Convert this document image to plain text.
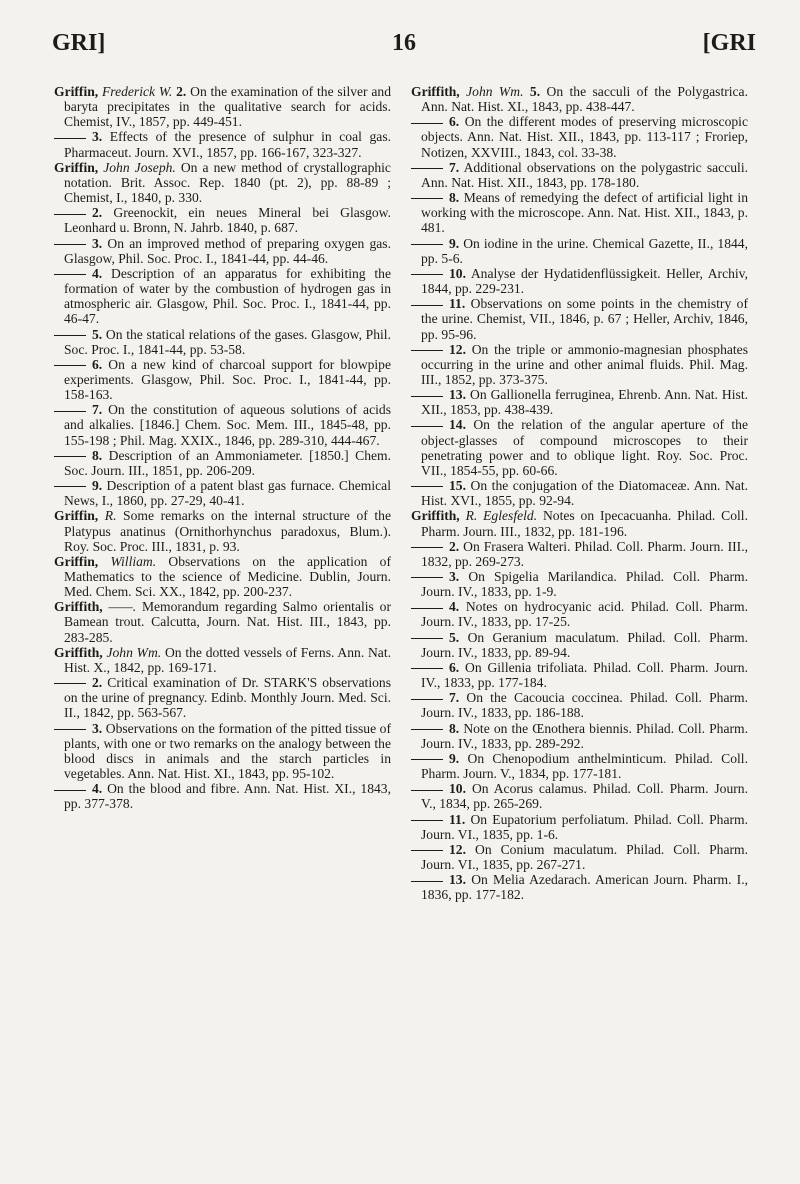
GRI]	16	[GRI

Griffin, Frederick W. 2. On the examination of the silver and baryta precipitates in the qualitative search for acids. Chemist, IV., 1857, pp. 449-451.

3. Effects of the presence of sulphur in coal gas. Pharmaceut. Journ. XVI., 1857, pp. 166-167, 323-327.

Griffin, John Joseph. On a new method of crystallographic notation. Brit. Assoc. Rep. 1840 (pt. 2), pp. 88-89 ; Chemist, I., 1840, p. 330.

2. Greenockit, ein neues Mineral bei Glasgow. Leonhard u. Bronn, N. Jahrb. 1840, p. 687.

3. On an improved method of preparing oxygen gas. Glasgow, Phil. Soc. Proc. I., 1841-44, pp. 44-46.

4. Description of an apparatus for exhibiting the formation of water by the combustion of hydrogen gas in atmospheric air. Glasgow, Phil. Soc. Proc. I., 1841-44, pp. 46-47.

5. On the statical relations of the gases. Glasgow, Phil. Soc. Proc. I., 1841-44, pp. 53-58.

6. On a new kind of charcoal support for blowpipe experiments. Glasgow, Phil. Soc. Proc. I., 1841-44, pp. 158-163.

7. On the constitution of aqueous solutions of acids and alkalies. [1846.] Chem. Soc. Mem. III., 1845-48, pp. 155-198 ; Phil. Mag. XXIX., 1846, pp. 289-310, 444-467.

8. Description of an Ammoniameter. [1850.] Chem. Soc. Journ. III., 1851, pp. 206-209.

9. Description of a patent blast gas furnace. Chemical News, I., 1860, pp. 27-29, 40-41.

Griffin, R. Some remarks on the internal structure of the Platypus anatinus (Ornithorhynchus paradoxus, Blum.). Roy. Soc. Proc. III., 1831, p. 93.

Griffin, William. Observations on the application of Mathematics to the science of Medicine. Dublin, Journ. Med. Chem. Sci. XX., 1842, pp. 200-237.

Griffith, ——. Memorandum regarding Salmo orientalis or Bamean trout. Calcutta, Journ. Nat. Hist. III., 1843, pp. 283-285.

Griffith, John Wm. On the dotted vessels of Ferns. Ann. Nat. Hist. X., 1842, pp. 169-171.

2. Critical examination of Dr. STARK'S observations on the urine of pregnancy. Edinb. Monthly Journ. Med. Sci. II., 1842, pp. 563-567.

3. Observations on the formation of the pitted tissue of plants, with one or two remarks on the analogy between the blood discs in animals and the starch particles in vegetables. Ann. Nat. Hist. XI., 1843, pp. 95-102.

4. On the blood and fibre. Ann. Nat. Hist. XI., 1843, pp. 377-378.

Griffith, John Wm. 5. On the sacculi of the Polygastrica. Ann. Nat. Hist. XI., 1843, pp. 438-447.

6. On the different modes of preserving microscopic objects. Ann. Nat. Hist. XII., 1843, pp. 113-117 ; Froriep, Notizen, XXVIII., 1843, col. 33-38.

7. Additional observations on the polygastric sacculi. Ann. Nat. Hist. XII., 1843, pp. 178-180.

8. Means of remedying the defect of artificial light in working with the microscope. Ann. Nat. Hist. XII., 1843, p. 481.

9. On iodine in the urine. Chemical Gazette, II., 1844, pp. 5-6.

10. Analyse der Hydatidenflüssigkeit. Heller, Archiv, 1844, pp. 229-231.

11. Observations on some points in the chemistry of the urine. Chemist, VII., 1846, p. 67 ; Heller, Archiv, 1846, pp. 95-96.

12. On the triple or ammonio-magnesian phosphates occurring in the urine and other animal fluids. Phil. Mag. III., 1852, pp. 373-375.

13. On Gallionella ferruginea, Ehrenb. Ann. Nat. Hist. XII., 1853, pp. 438-439.

14. On the relation of the angular aperture of the object-glasses of compound microscopes to their penetrating power and to oblique light. Roy. Soc. Proc. VII., 1854-55, pp. 60-66.

15. On the conjugation of the Diatomaceæ. Ann. Nat. Hist. XVI., 1855, pp. 92-94.

Griffith, R. Eglesfeld. Notes on Ipecacuanha. Philad. Coll. Pharm. Journ. III., 1832, pp. 181-196.

2. On Frasera Walteri. Philad. Coll. Pharm. Journ. III., 1832, pp. 269-273.

3. On Spigelia Marilandica. Philad. Coll. Pharm. Journ. IV., 1833, pp. 1-9.

4. Notes on hydrocyanic acid. Philad. Coll. Pharm. Journ. IV., 1833, pp. 17-25.

5. On Geranium maculatum. Philad. Coll. Pharm. Journ. IV., 1833, pp. 89-94.

6. On Gillenia trifoliata. Philad. Coll. Pharm. Journ. IV., 1833, pp. 177-184.

7. On the Cacoucia coccinea. Philad. Coll. Pharm. Journ. IV., 1833, pp. 186-188.

8. Note on the Œnothera biennis. Philad. Coll. Pharm. Journ. IV., 1833, pp. 289-292.

9. On Chenopodium anthelminticum. Philad. Coll. Pharm. Journ. V., 1834, pp. 177-181.

10. On Acorus calamus. Philad. Coll. Pharm. Journ. V., 1834, pp. 265-269.

11. On Eupatorium perfoliatum. Philad. Coll. Pharm. Journ. VI., 1835, pp. 1-6.

12. On Conium maculatum. Philad. Coll. Pharm. Journ. VI., 1835, pp. 267-271.

13. On Melia Azedarach. American Journ. Pharm. I., 1836, pp. 177-182.
